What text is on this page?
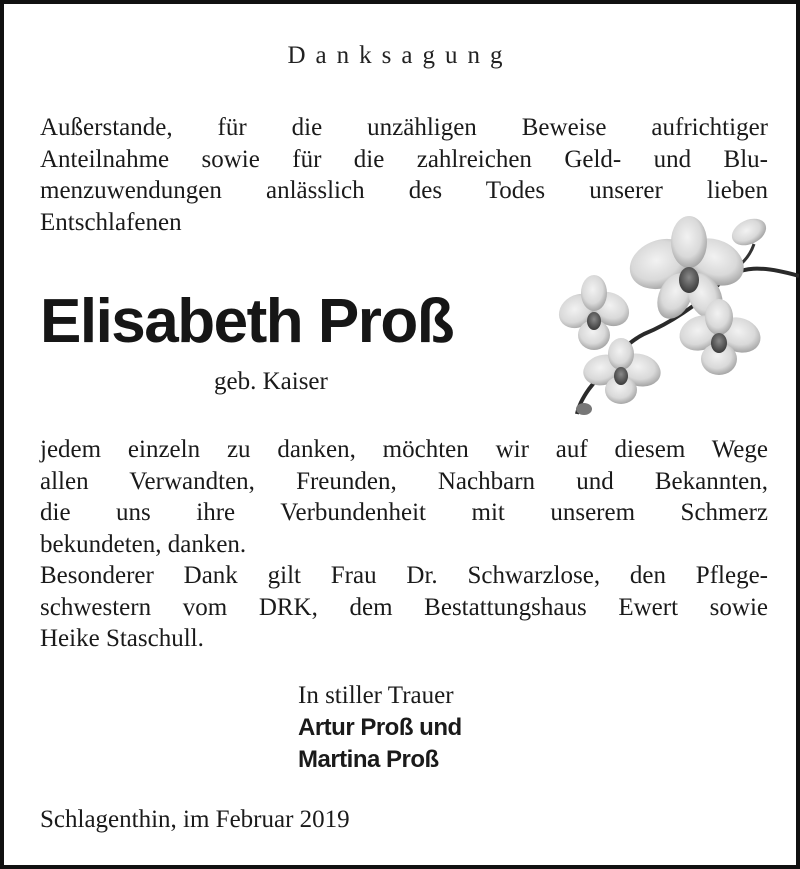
Danksagung
Außerstande, für die unzähligen Beweise aufrichtiger
Anteilnahme sowie für die zahlreichen Geld- und Blu-
menzuwendungen anlässlich des Todes unserer lieben
Entschlafenen
Elisabeth Proß
geb. Kaiser
jedem einzeln zu danken, möchten wir auf diesem Wege
allen Verwandten, Freunden, Nachbarn und Bekannten,
die uns ihre Verbundenheit mit unserem Schmerz
bekundeten, danken.
Besonderer Dank gilt Frau Dr. Schwarzlose, den Pflege-
schwestern vom DRK, dem Bestattungshaus Ewert sowie
Heike Staschull.
In stiller Trauer
Artur Proß und
Martina Proß
Schlagenthin, im Februar 2019
